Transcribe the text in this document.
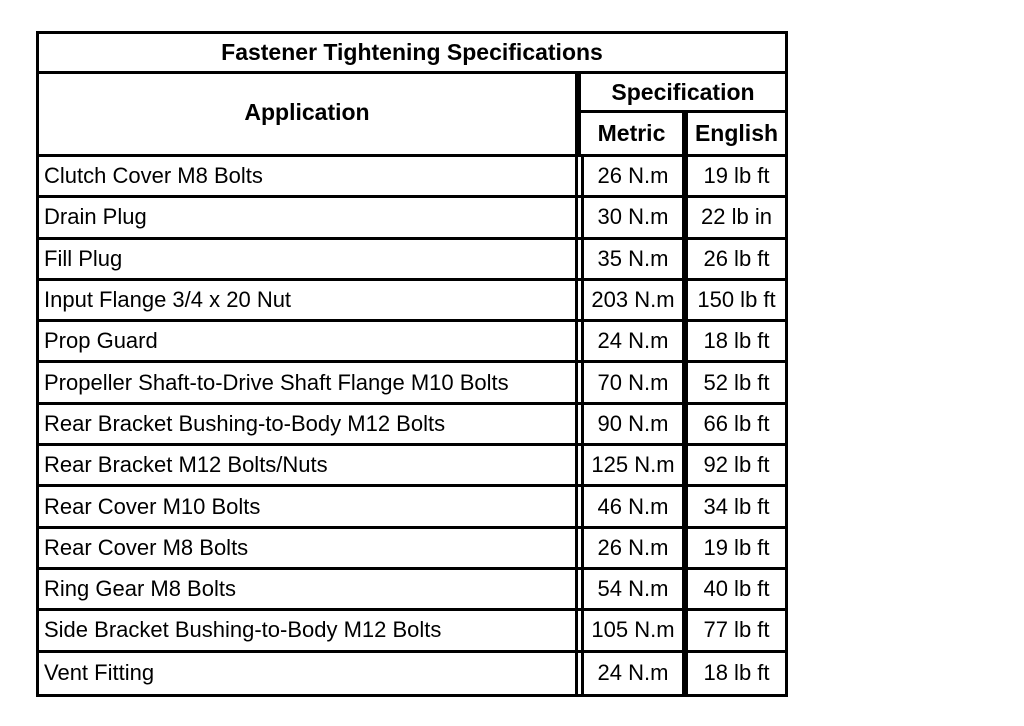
Fastener Tightening Specifications
Application
Specification
Metric	English
Clutch Cover M8 Bolts	26 N.m	19 lb ft
Drain Plug	30 N.m	22 lb in
Fill Plug	35 N.m	26 lb ft
Input Flange 3/4 x 20 Nut	203 N.m	150 lb ft
Prop Guard	24 N.m	18 lb ft
Propeller Shaft-to-Drive Shaft Flange M10 Bolts	70 N.m	52 lb ft
Rear Bracket Bushing-to-Body M12 Bolts	90 N.m	66 lb ft
Rear Bracket M12 Bolts/Nuts	125 N.m	92 lb ft
Rear Cover M10 Bolts	46 N.m	34 lb ft
Rear Cover M8 Bolts	26 N.m	19 lb ft
Ring Gear M8 Bolts	54 N.m	40 lb ft
Side Bracket Bushing-to-Body M12 Bolts	105 N.m	77 lb ft
Vent Fitting	24 N.m	18 lb ft
